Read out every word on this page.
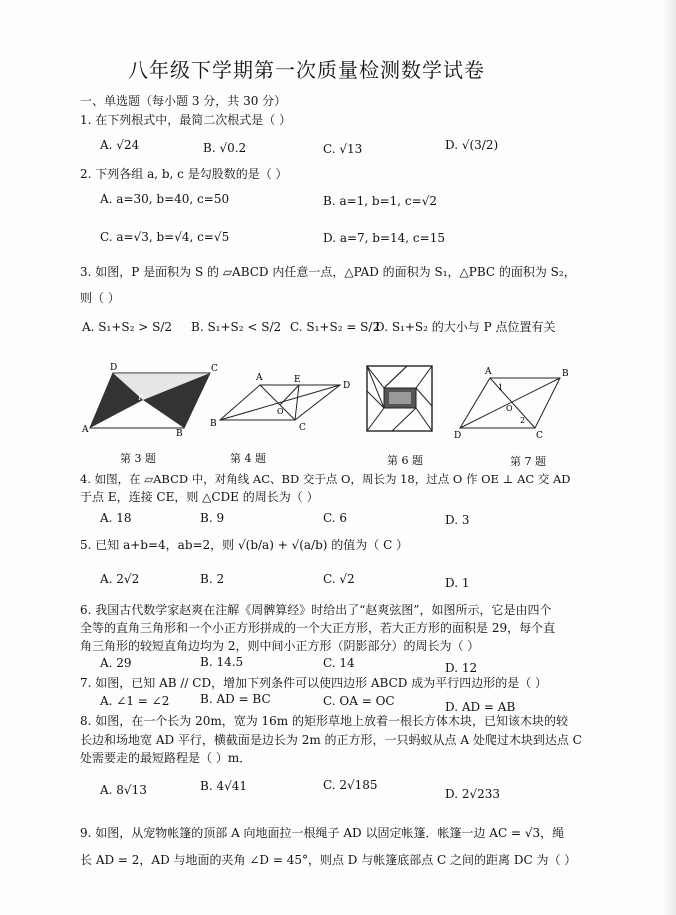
八年级下学期第一次质量检测数学试卷
一、单选题（每小题 3 分，共 30 分）
1. 在下列根式中，最简二次根式是（ ）
A. √24	B. √0.2	C. √13	D. √(3/2)
2. 下列各组 a, b, c 是勾股数的是（ ）
A. a=30, b=40, c=50	B. a=1, b=1, c=√2
C. a=√3, b=√4, c=√5	D. a=7, b=14, c=15
3. 如图，P 是面积为 S 的 ▱ABCD 内任意一点，△PAD 的面积为 S₁，△PBC 的面积为 S₂，
则（ ）
A. S₁+S₂ > S/2 B. S₁+S₂ < S/2 C. S₁+S₂ = S/2
D. S₁+S₂ 的大小与 P 点位置有关
D	C
P
A	B
A	E
D
O
B	C
A	B
1
O
2
D	C
第 3 题	第 4 题	第 6 题	第 7 题
4. 如图，在 ▱ABCD 中，对角线 AC、BD 交于点 O，周长为 18，过点 O 作 OE ⊥ AC 交 AD
于点 E，连接 CE，则 △CDE 的周长为（ ）
A. 18	B. 9	C. 6	D. 3
5. 已知 a+b=4，ab=2，则 √(b/a) + √(a/b) 的值为（ C ）
A. 2√2	B. 2	C. √2	D. 1
6. 我国古代数学家赵爽在注解《周髀算经》时给出了“赵爽弦图”，如图所示，它是由四个
全等的直角三角形和一个小正方形拼成的一个大正方形，若大正方形的面积是 29，每个直
角三角形的较短直角边均为 2，则中间小正方形（阴影部分）的周长为（ ）
A. 29	B. 14.5	C. 14	D. 12
7. 如图，已知 AB // CD，增加下列条件可以使四边形 ABCD 成为平行四边形的是（ ）
A. ∠1 = ∠2	B. AD = BC	C. OA = OC	D. AD = AB
8. 如图，在一个长为 20m，宽为 16m 的矩形草地上放着一根长方体木块，已知该木块的较
长边和场地宽 AD 平行，横截面是边长为 2m 的正方形，一只蚂蚁从点 A 处爬过木块到达点 C
处需要走的最短路程是（ ）m．
A. 8√13	B. 4√41	C. 2√185
D. 2√233
9. 如图，从宠物帐篷的顶部 A 向地面拉一根绳子 AD 以固定帐篷．帐篷一边 AC = √3，绳
长 AD = 2，AD 与地面的夹角 ∠D = 45°，则点 D 与帐篷底部点 C 之间的距离 DC 为（ ）
